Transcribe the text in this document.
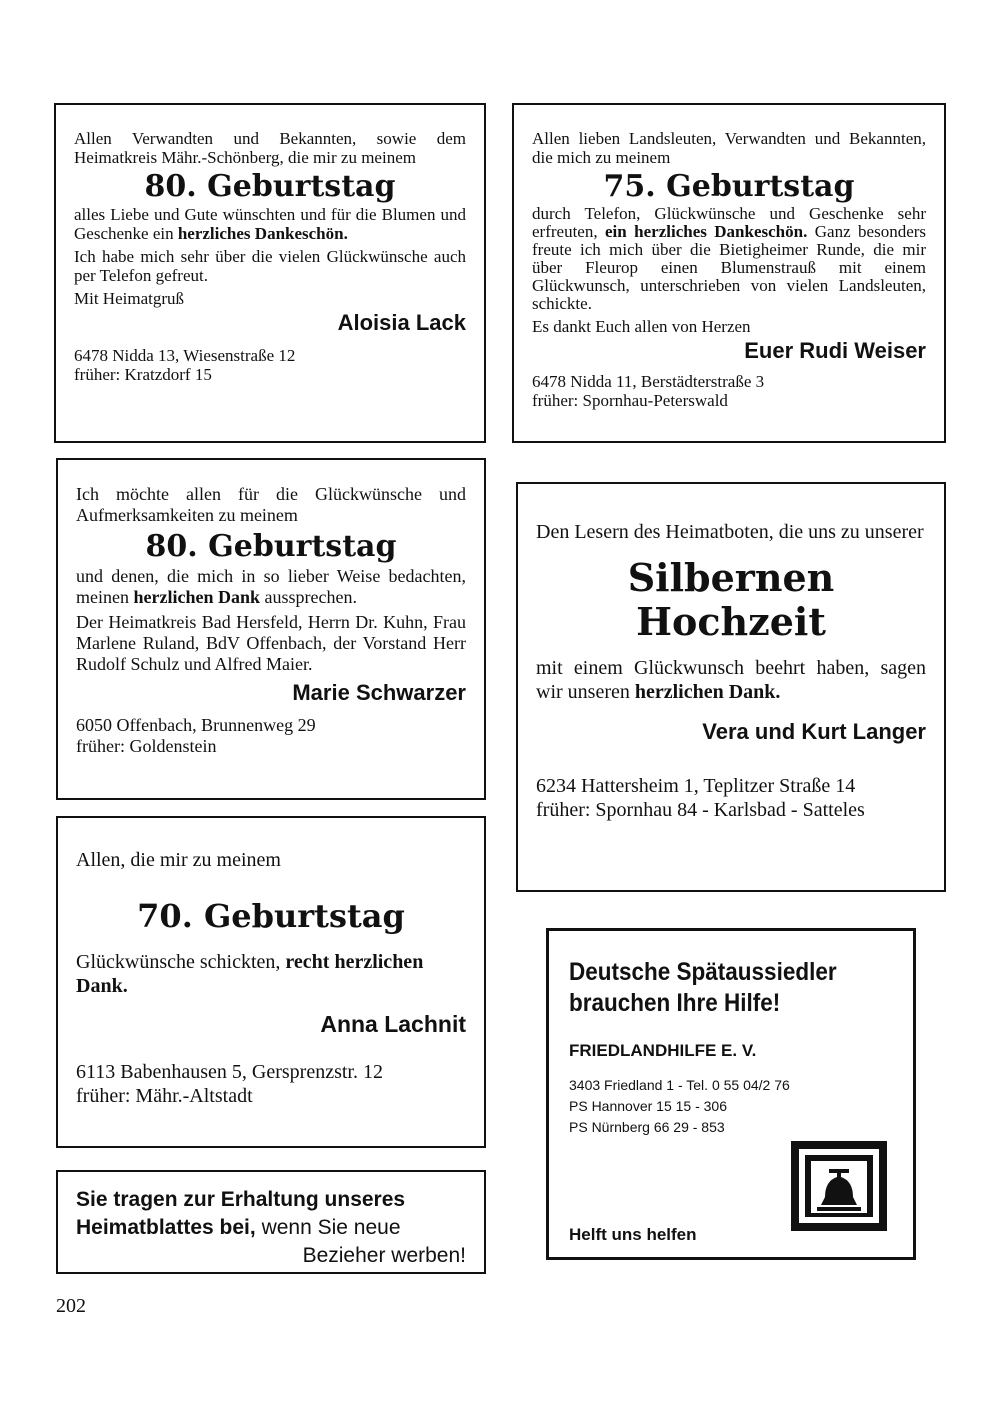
Allen Verwandten und Bekannten, sowie dem Heimatkreis Mähr.-Schönberg, die mir zu meinem

80. Geburtstag

alles Liebe und Gute wünschten und für die Blumen und Geschenke ein herzliches Dankeschön.

Ich habe mich sehr über die vielen Glückwünsche auch per Telefon gefreut.

Mit Heimatgruß

Aloisia Lack

6478 Nidda 13, Wiesenstraße 12

früher: Kratzdorf 15

Allen lieben Landsleuten, Verwandten und Bekannten, die mich zu meinem

75. Geburtstag

durch Telefon, Glückwünsche und Geschenke sehr erfreuten, ein herzliches Dankeschön. Ganz besonders freute ich mich über die Bietigheimer Runde, die mir über Fleurop einen Blumenstrauß mit einem Glückwunsch, unterschrieben von vielen Landsleuten, schickte.

Es dankt Euch allen von Herzen

Euer Rudi Weiser

6478 Nidda 11, Berstädterstraße 3

früher: Spornhau-Peterswald

Ich möchte allen für die Glückwünsche und Aufmerksamkeiten zu meinem

80. Geburtstag

und denen, die mich in so lieber Weise bedachten, meinen herzlichen Dank aussprechen.

Der Heimatkreis Bad Hersfeld, Herrn Dr. Kuhn, Frau Marlene Ruland, BdV Offenbach, der Vorstand Herr Rudolf Schulz und Alfred Maier.

Marie Schwarzer

6050 Offenbach, Brunnenweg 29

früher: Goldenstein

Den Lesern des Heimatboten, die uns zu unserer

Silbernen

Hochzeit

mit einem Glückwunsch beehrt haben, sagen wir unseren herzlichen Dank.

Vera und Kurt Langer

6234 Hattersheim 1, Teplitzer Straße 14

früher: Spornhau 84 - Karlsbad - Satteles

Allen, die mir zu meinem

70. Geburtstag

Glückwünsche schickten, recht herzlichen Dank.

Anna Lachnit

6113 Babenhausen 5, Gersprenzstr. 12

früher: Mähr.-Altstadt

Deutsche Spätaussiedler

brauchen Ihre Hilfe!

FRIEDLANDHILFE E. V.

3403 Friedland 1 - Tel. 0 55 04/2 76

PS Hannover 15 15 - 306

PS Nürnberg 66 29 - 853

Helft uns helfen

Sie tragen zur Erhaltung unseres

Heimatblattes bei, wenn Sie neue

Bezieher werben!

202
